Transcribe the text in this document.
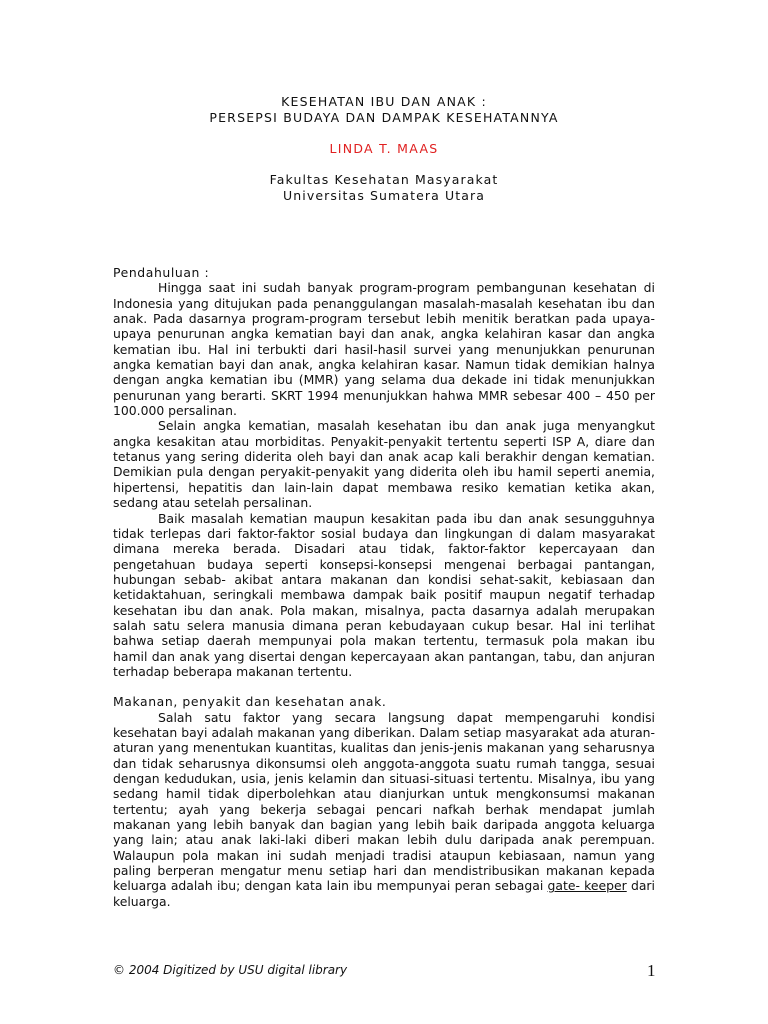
KESEHATAN IBU DAN ANAK :
PERSEPSI BUDAYA DAN DAMPAK KESEHATANNYA
LINDA T. MAAS
Fakultas Kesehatan Masyarakat
Universitas Sumatera Utara

Pendahuluan :

Hingga saat ini sudah banyak program-program pembangunan kesehatan di Indonesia yang ditujukan pada penanggulangan masalah-masalah kesehatan ibu dan anak. Pada dasarnya program-program tersebut lebih menitik beratkan pada upaya-upaya penurunan angka kematian bayi dan anak, angka kelahiran kasar dan angka kematian ibu. Hal ini terbukti dari hasil-hasil survei yang menunjukkan penurunan angka kematian bayi dan anak, angka kelahiran kasar. Namun tidak demikian halnya dengan angka kematian ibu (MMR) yang selama dua dekade ini tidak menunjukkan penurunan yang berarti. SKRT 1994 menunjukkan hahwa MMR sebesar 400 – 450 per 100.000 persalinan.

Selain angka kematian, masalah kesehatan ibu dan anak juga menyangkut angka kesakitan atau morbiditas. Penyakit-penyakit tertentu seperti ISP A, diare dan tetanus yang sering diderita oleh bayi dan anak acap kali berakhir dengan kematian. Demikian pula dengan peryakit-penyakit yang diderita oleh ibu hamil seperti anemia, hipertensi, hepatitis dan lain-lain dapat membawa resiko kematian ketika akan, sedang atau setelah persalinan.

Baik masalah kematian maupun kesakitan pada ibu dan anak sesungguhnya tidak terlepas dari faktor-faktor sosial budaya dan lingkungan di dalam masyarakat dimana mereka berada. Disadari atau tidak, faktor-faktor kepercayaan dan pengetahuan budaya seperti konsepsi-konsepsi mengenai berbagai pantangan, hubungan sebab- akibat antara makanan dan kondisi sehat-sakit, kebiasaan dan ketidaktahuan, seringkali membawa dampak baik positif maupun negatif terhadap kesehatan ibu dan anak. Pola makan, misalnya, pacta dasarnya adalah merupakan salah satu selera manusia dimana peran kebudayaan cukup besar. Hal ini terlihat bahwa setiap daerah mempunyai pola makan tertentu, termasuk pola makan ibu hamil dan anak yang disertai dengan kepercayaan akan pantangan, tabu, dan anjuran terhadap beberapa makanan tertentu.

Makanan, penyakit dan kesehatan anak.

Salah satu faktor yang secara langsung dapat mempengaruhi kondisi kesehatan bayi adalah makanan yang diberikan. Dalam setiap masyarakat ada aturan-aturan yang menentukan kuantitas, kualitas dan jenis-jenis makanan yang seharusnya dan tidak seharusnya dikonsumsi oleh anggota-anggota suatu rumah tangga, sesuai dengan kedudukan, usia, jenis kelamin dan situasi-situasi tertentu. Misalnya, ibu yang sedang hamil tidak diperbolehkan atau dianjurkan untuk mengkonsumsi makanan tertentu; ayah yang bekerja sebagai pencari nafkah berhak mendapat jumlah makanan yang lebih banyak dan bagian yang lebih baik daripada anggota keluarga yang lain; atau anak laki-laki diberi makan lebih dulu daripada anak perempuan. Walaupun pola makan ini sudah menjadi tradisi ataupun kebiasaan, namun yang paling berperan mengatur menu setiap hari dan mendistribusikan makanan kepada keluarga adalah ibu; dengan kata lain ibu mempunyai peran sebagai gate- keeper dari keluarga.

© 2004 Digitized by USU digital library	1
